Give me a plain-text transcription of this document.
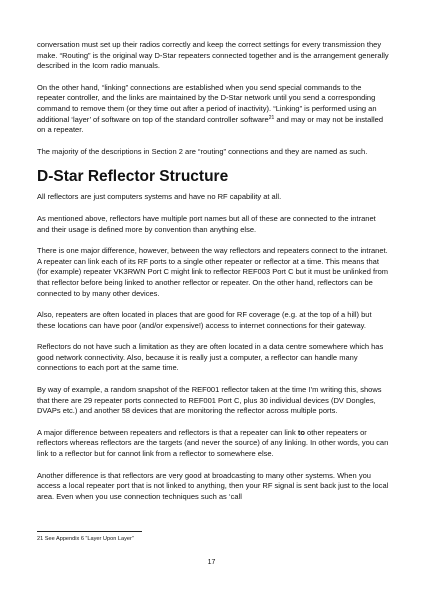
conversation must set up their radios correctly and keep the correct settings for every transmission they make. “Routing” is the original way D-Star repeaters connected together and is the arrangement generally described in the Icom radio manuals.

On the other hand, “linking” connections are established when you send special commands to the repeater controller, and the links are maintained by the D-Star network until you send a corresponding command to remove them (or they time out after a period of inactivity). “Linking” is performed using an additional ‘layer’ of software on top of the standard controller software$^{21}$ and may or may not be installed on a repeater.

The majority of the descriptions in Section 2 are “routing” connections and they are named as such.

D-Star Reflector Structure

All reflectors are just computers systems and have no RF capability at all.

As mentioned above, reflectors have multiple port names but all of these are connected to the intranet and their usage is defined more by convention than anything else.

There is one major difference, however, between the way reflectors and repeaters connect to the intranet. A repeater can link each of its RF ports to a single other repeater or reflector at a time. This means that (for example) repeater VK3RWN Port C might link to reflector REF003 Port C but it must be unlinked from that reflector before being linked to another reflector or repeater. On the other hand, reflectors can be connected to by many other devices.

Also, repeaters are often located in places that are good for RF coverage (e.g. at the top of a hill) but these locations can have poor (and/or expensive!) access to internet connections for their gateway.

Reflectors do not have such a limitation as they are often located in a data centre somewhere which has good network connectivity. Also, because it is really just a computer, a reflector can handle many connections to each port at the same time.

By way of example, a random snapshot of the REF001 reflector taken at the time I’m writing this, shows that there are 29 repeater ports connected to REF001 Port C, plus 30 individual devices (DV Dongles, DVAPs etc.) and another 58 devices that are monitoring the reflector across multiple ports.

A major difference between repeaters and reflectors is that a repeater can link to other repeaters or reflectors whereas reflectors are the targets (and never the source) of any linking. In other words, you can link to a reflector but for cannot link from a reflector to somewhere else.

Another difference is that reflectors are very good at broadcasting to many other systems. When you access a local repeater port that is not linked to anything, then your RF signal is sent back just to the local area. Even when you use connection techniques such as ‘call

21 See Appendix 6 “Layer Upon Layer”
17
